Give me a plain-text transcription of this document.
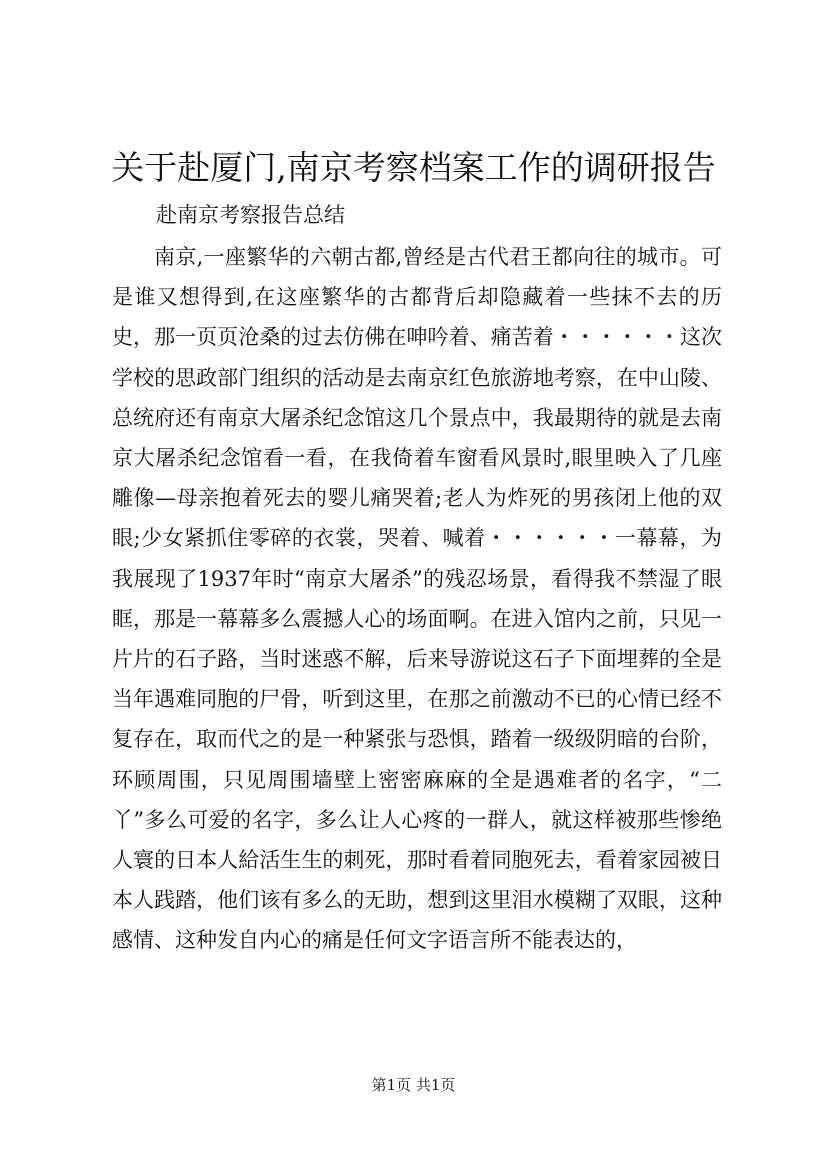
关于赴厦门,南京考察档案工作的调研报告
赴南京考察报告总结

南京,一座繁华的六朝古都,曾经是古代君王都向往的城市。可是谁又想得到,在这座繁华的古都背后却隐藏着一些抹不去的历史，那一页页沧桑的过去仿佛在呻吟着、痛苦着・・・・・・这次学校的思政部门组织的活动是去南京红色旅游地考察，在中山陵、总统府还有南京大屠杀纪念馆这几个景点中，我最期待的就是去南京大屠杀纪念馆看一看，在我倚着车窗看风景时,眼里映入了几座雕像—母亲抱着死去的婴儿痛哭着;老人为炸死的男孩闭上他的双眼;少女紧抓住零碎的衣裳，哭着、喊着・・・・・・一幕幕，为我展现了1937年时“南京大屠杀”的残忍场景，看得我不禁湿了眼眶，那是一幕幕多么震撼人心的场面啊。在进入馆内之前，只见一片片的石子路，当时迷惑不解，后来导游说这石子下面埋葬的全是当年遇难同胞的尸骨，听到这里，在那之前激动不已的心情已经不复存在，取而代之的是一种紧张与恐惧，踏着一级级阴暗的台阶，环顾周围，只见周围墙壁上密密麻麻的全是遇难者的名字，“二丫”多么可爱的名字，多么让人心疼的一群人，就这样被那些惨绝人寰的日本人給活生生的刺死，那时看着同胞死去，看着家园被日本人践踏，他们该有多么的无助，想到这里泪水模糊了双眼，这种感情、这种发自内心的痛是任何文字语言所不能表达的，

第1页 共1页
